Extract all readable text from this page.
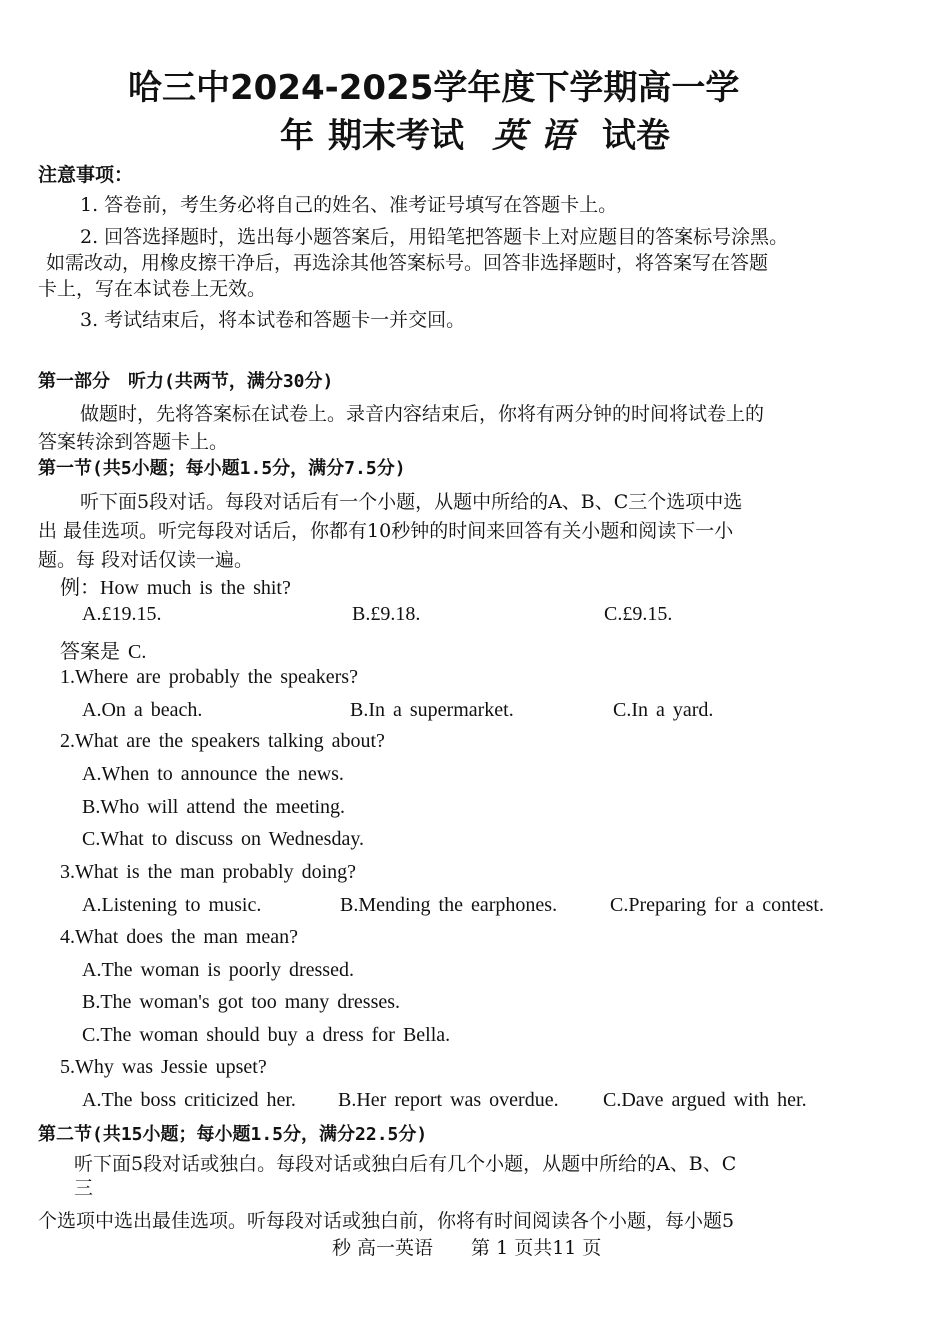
哈三中2024-2025学年度下学期高一学
年 期末考试 英语 试卷
注意事项：
1. 答卷前，考生务必将自己的姓名、准考证号填写在答题卡上。
2. 回答选择题时，选出每小题答案后，用铅笔把答题卡上对应题目的答案标号涂黑。
如需改动，用橡皮擦干净后，再选涂其他答案标号。回答非选择题时，将答案写在答题
卡上，写在本试卷上无效。
3. 考试结束后，将本试卷和答题卡一并交回。
第一部分　听力(共两节，满分30分)
做题时，先将答案标在试卷上。录音内容结束后，你将有两分钟的时间将试卷上的
答案转涂到答题卡上。
第一节(共5小题；每小题1.5分，满分7.5分)
听下面5段对话。每段对话后有一个小题，从题中所给的A、B、C三个选项中选
出 最佳选项。听完每段对话后，你都有10秒钟的时间来回答有关小题和阅读下一小
题。每 段对话仅读一遍。
例：How much is the shit?
A.£19.15.	B.£9.18.	C.£9.15.
答案是 C.
1.Where are probably the speakers?
A.On a beach.	B.In a supermarket.	C.In a yard.
2.What are the speakers talking about?
A.When to announce the news.
B.Who will attend the meeting.
C.What to discuss on Wednesday.
3.What is the man probably doing?
A.Listening to music.	B.Mending the earphones.	C.Preparing for a contest.
4.What does the man mean?
A.The woman is poorly dressed.
B.The woman's got too many dresses.
C.The woman should buy a dress for Bella.
5.Why was Jessie upset?
A.The boss criticized her. B.Her report was overdue. C.Dave argued with her.
第二节(共15小题；每小题1.5分，满分22.5分)
听下面5段对话或独白。每段对话或独白后有几个小题，从题中所给的A、B、C
三
个选项中选出最佳选项。听每段对话或独白前，你将有时间阅读各个小题，每小题5
秒 高一英语　　第 1 页共11 页
